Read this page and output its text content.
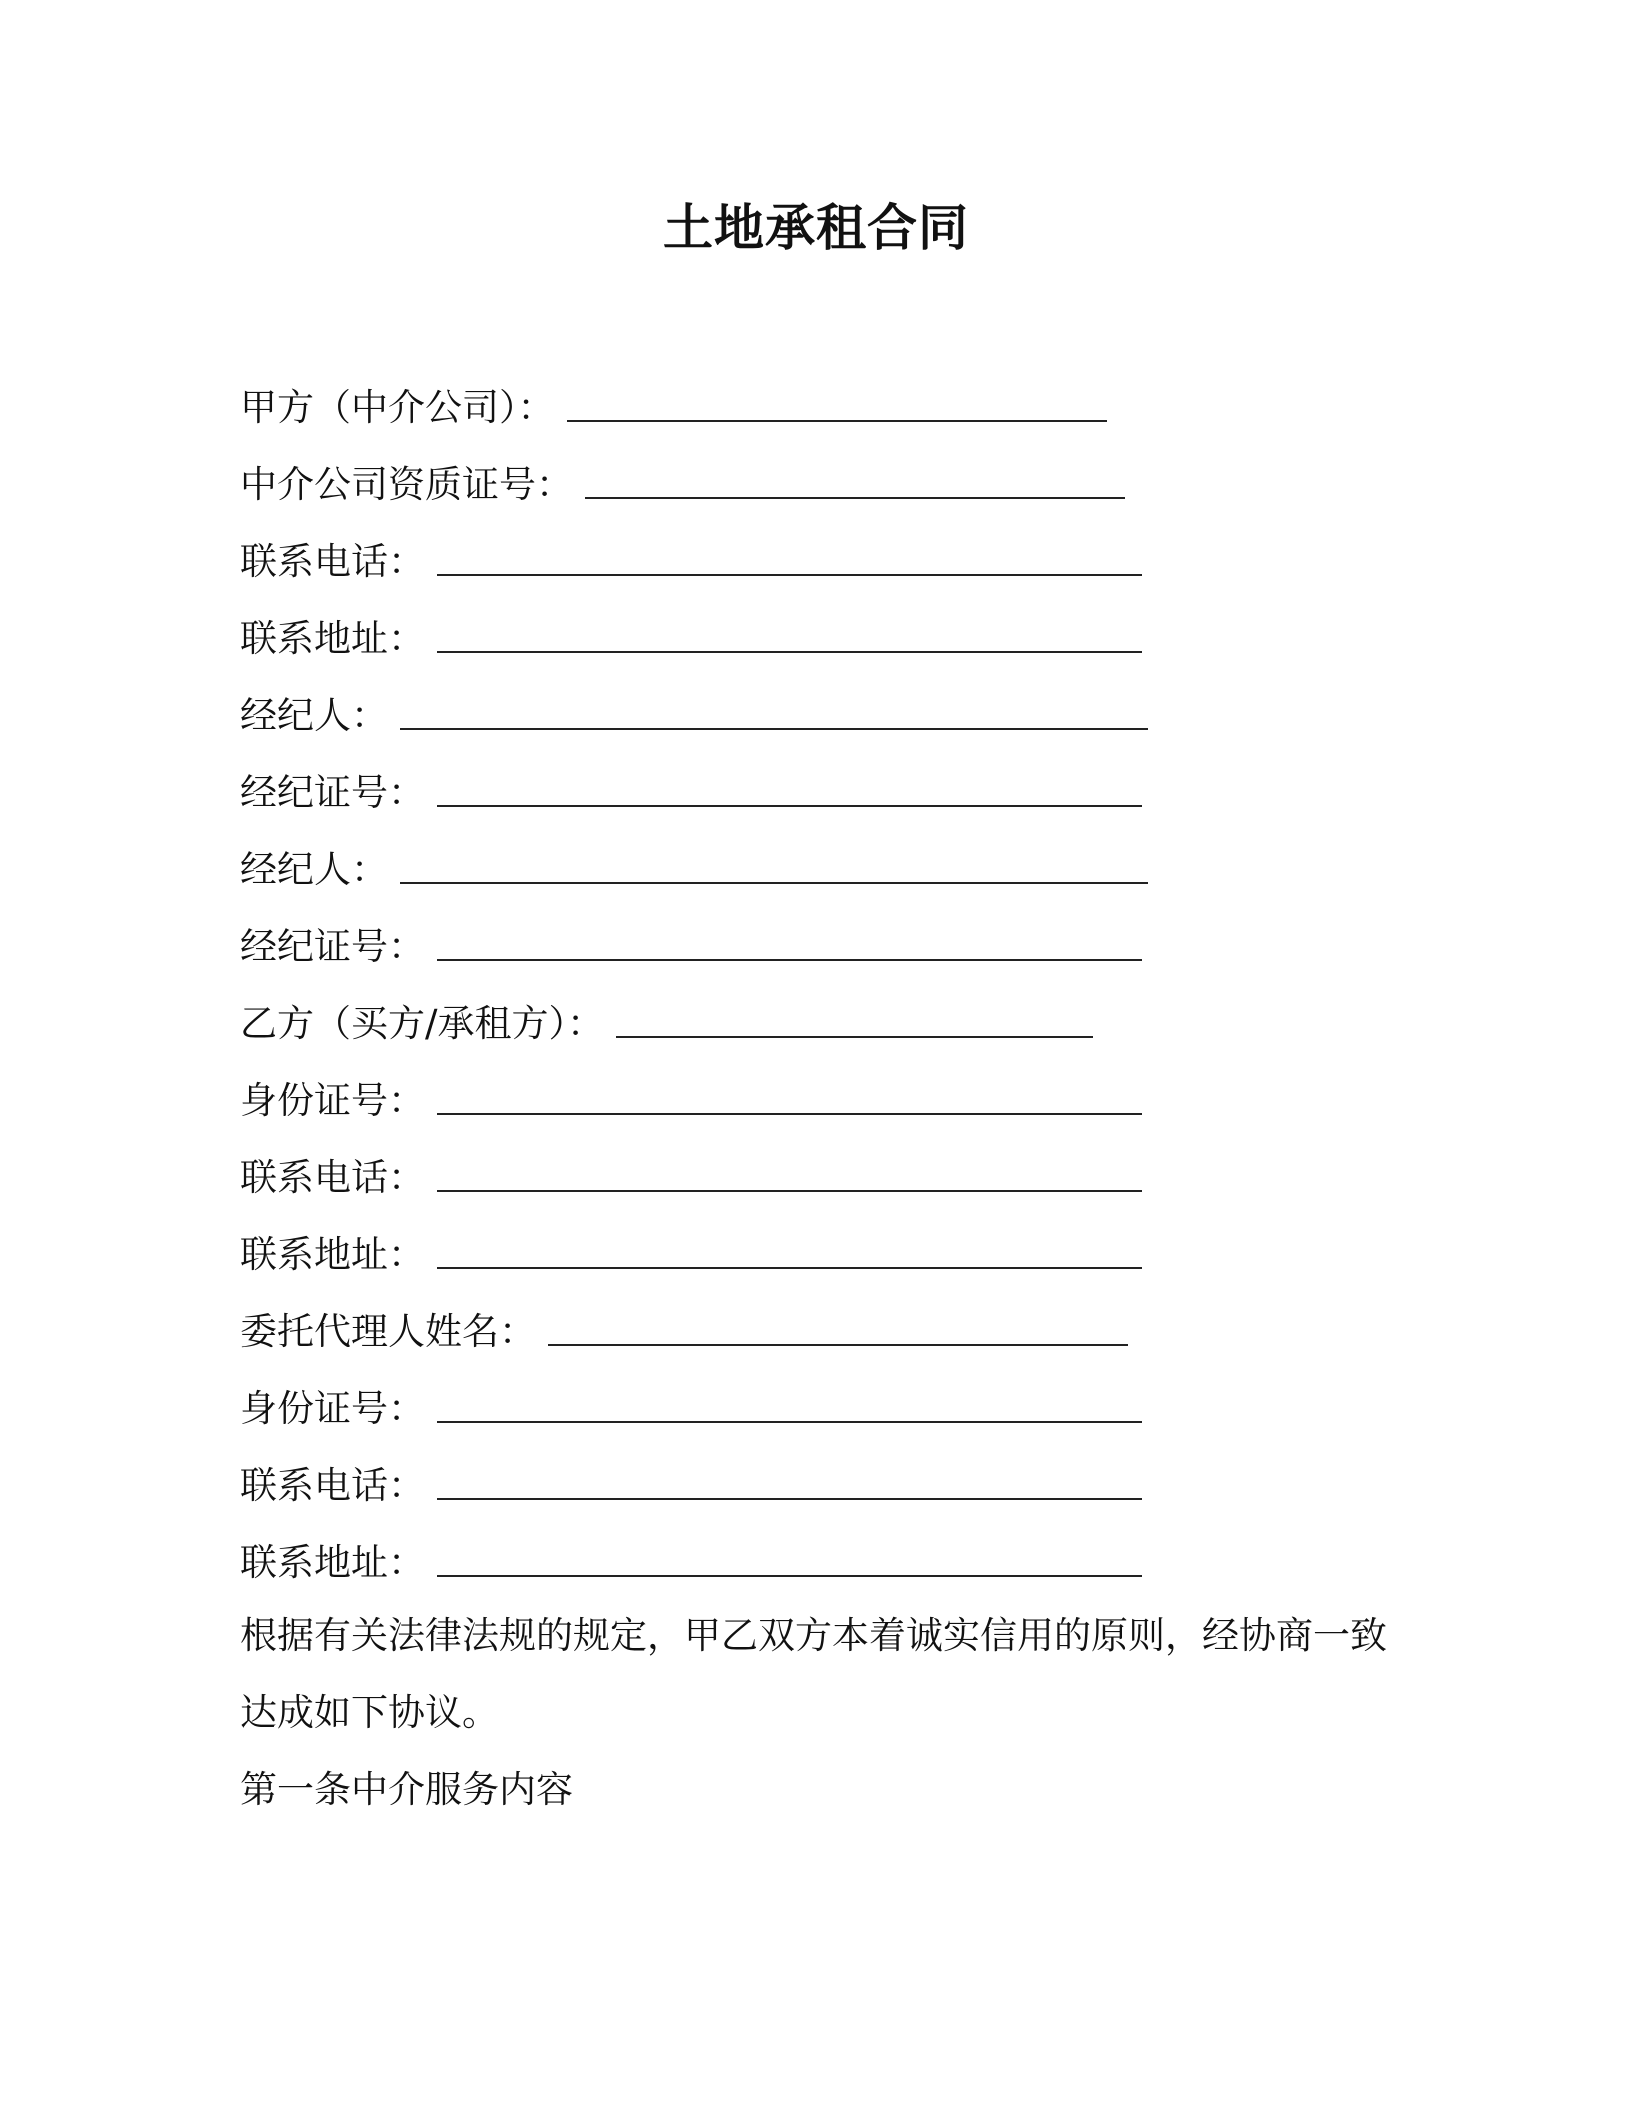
土地承租合同
甲方（中介公司）：
中介公司资质证号：
联系电话：
联系地址：
经纪人：
经纪证号：
经纪人：
经纪证号：
乙方（买方/承租方）：
身份证号：
联系电话：
联系地址：
委托代理人姓名：
身份证号：
联系电话：
联系地址：
根据有关法律法规的规定，甲乙双方本着诚实信用的原则，经协商一致达成如下协议。
第一条中介服务内容
